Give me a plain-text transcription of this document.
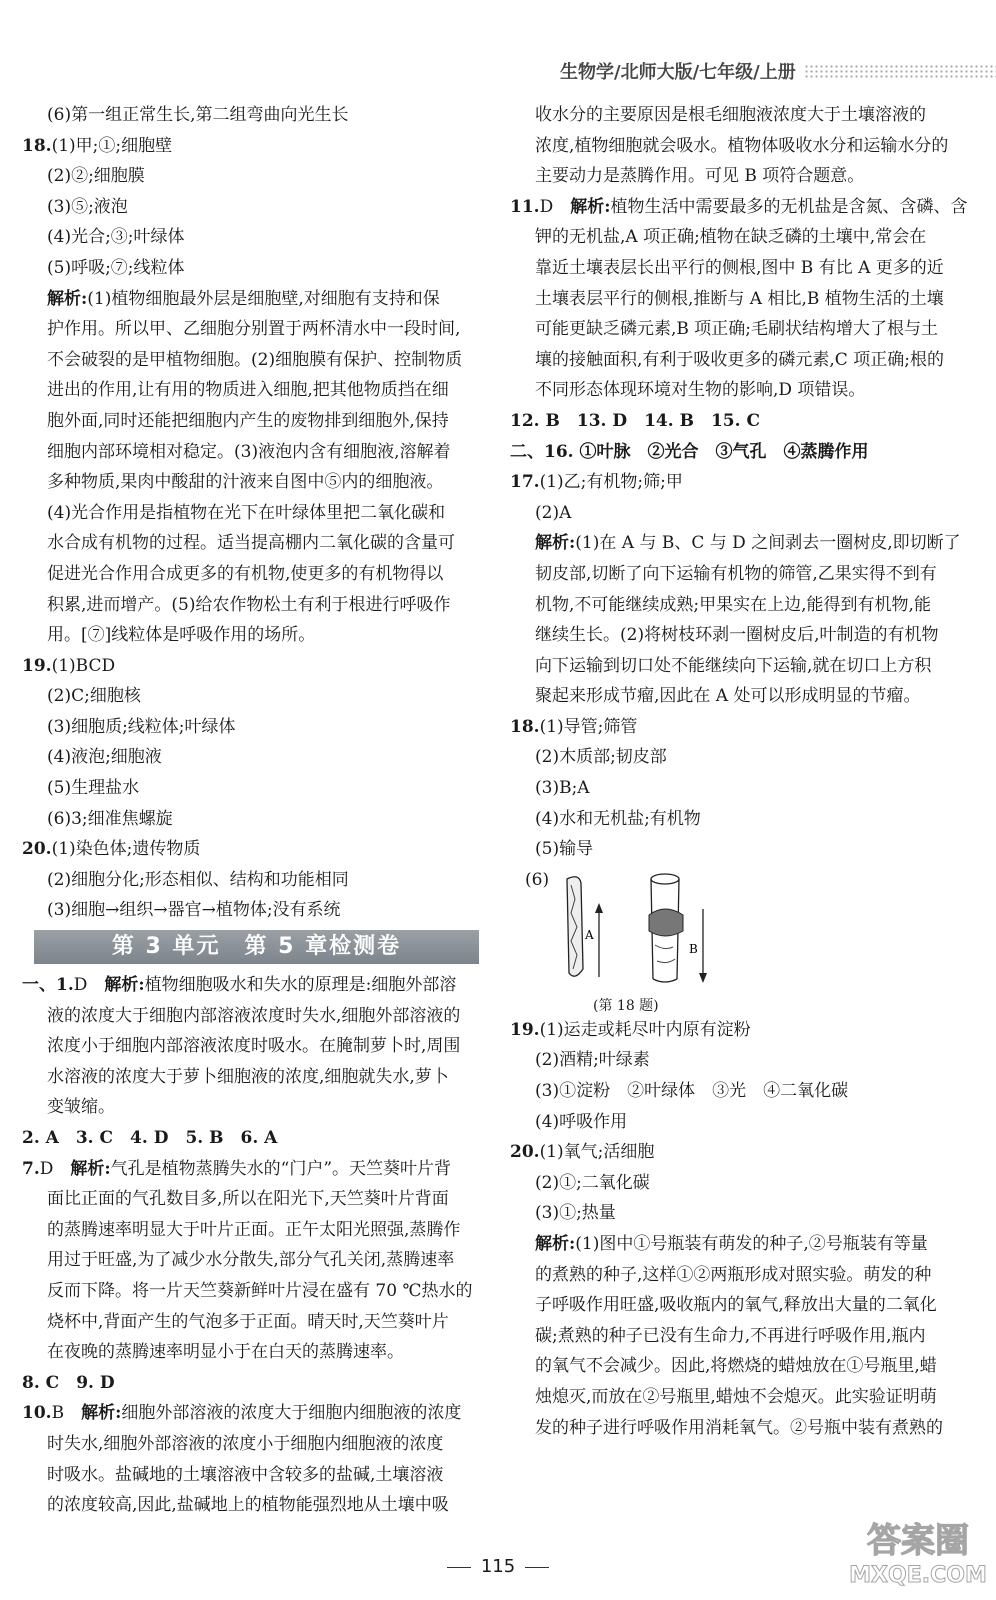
生物学/北师大版/七年级/上册
(6)第一组正常生长,第二组弯曲向光生长
18.(1)甲;①;细胞壁
(2)②;细胞膜
(3)⑤;液泡
(4)光合;③;叶绿体
(5)呼吸;⑦;线粒体
解析:(1)植物细胞最外层是细胞壁,对细胞有支持和保
护作用。所以甲、乙细胞分别置于两杯清水中一段时间,
不会破裂的是甲植物细胞。(2)细胞膜有保护、控制物质
进出的作用,让有用的物质进入细胞,把其他物质挡在细
胞外面,同时还能把细胞内产生的废物排到细胞外,保持
细胞内部环境相对稳定。(3)液泡内含有细胞液,溶解着
多种物质,果肉中酸甜的汁液来自图中⑤内的细胞液。
(4)光合作用是指植物在光下在叶绿体里把二氧化碳和
水合成有机物的过程。适当提高棚内二氧化碳的含量可
促进光合作用合成更多的有机物,使更多的有机物得以
积累,进而增产。(5)给农作物松土有利于根进行呼吸作
用。[⑦]线粒体是呼吸作用的场所。
19.(1)BCD
(2)C;细胞核
(3)细胞质;线粒体;叶绿体
(4)液泡;细胞液
(5)生理盐水
(6)3;细准焦螺旋
20.(1)染色体;遗传物质
(2)细胞分化;形态相似、结构和功能相同
(3)细胞→组织→器官→植物体;没有系统
第 3 单元　第 5 章检测卷
一、1.D　 解析:植物细胞吸水和失水的原理是:细胞外部溶
液的浓度大于细胞内部溶液浓度时失水,细胞外部溶液的
浓度小于细胞内部溶液浓度时吸水。在腌制萝卜时,周围
水溶液的浓度大于萝卜细胞液的浓度,细胞就失水,萝卜
变皱缩。
2. A　3. C　4. D　5. B　6. A
7.D　 解析:气孔是植物蒸腾失水的“门户”。天竺葵叶片背
面比正面的气孔数目多,所以在阳光下,天竺葵叶片背面
的蒸腾速率明显大于叶片正面。正午太阳光照强,蒸腾作
用过于旺盛,为了减少水分散失,部分气孔关闭,蒸腾速率
反而下降。将一片天竺葵新鲜叶片浸在盛有 70 ℃热水的
烧杯中,背面产生的气泡多于正面。晴天时,天竺葵叶片
在夜晚的蒸腾速率明显小于在白天的蒸腾速率。
8. C　9. D
10.B　 解析:细胞外部溶液的浓度大于细胞内细胞液的浓度
时失水,细胞外部溶液的浓度小于细胞内细胞液的浓度
时吸水。盐碱地的土壤溶液中含较多的盐碱,土壤溶液
的浓度较高,因此,盐碱地上的植物能强烈地从土壤中吸
收水分的主要原因是根毛细胞液浓度大于土壤溶液的
浓度,植物细胞就会吸水。植物体吸收水分和运输水分的
主要动力是蒸腾作用。可见 B 项符合题意。
11.D　 解析:植物生活中需要最多的无机盐是含氮、含磷、含
钾的无机盐,A 项正确;植物在缺乏磷的土壤中,常会在
靠近土壤表层长出平行的侧根,图中 B 有比 A 更多的近
土壤表层平行的侧根,推断与 A 相比,B 植物生活的土壤
可能更缺乏磷元素,B 项正确;毛刷状结构增大了根与土
壤的接触面积,有利于吸收更多的磷元素,C 项正确;根的
不同形态体现环境对生物的影响,D 项错误。
12. B　13. D　14. B　15. C
二、16. ①叶脉　②光合　③气孔　④蒸腾作用
17.(1)乙;有机物;筛;甲
(2)A
解析:(1)在 A 与 B、C 与 D 之间剥去一圈树皮,即切断了
韧皮部,切断了向下运输有机物的筛管,乙果实得不到有
机物,不可能继续成熟;甲果实在上边,能得到有机物,能
继续生长。(2)将树枝环剥一圈树皮后,叶制造的有机物
向下运输到切口处不能继续向下运输,就在切口上方积
聚起来形成节瘤,因此在 A 处可以形成明显的节瘤。
18.(1)导管;筛管
(2)木质部;韧皮部
(3)B;A
(4)水和无机盐;有机物
(5)输导
(6)
A
B
(第 18 题)
19.(1)运走或耗尽叶内原有淀粉
(2)酒精;叶绿素
(3)①淀粉　②叶绿体　③光　④二氧化碳
(4)呼吸作用
20.(1)氧气;活细胞
(2)①;二氧化碳
(3)①;热量
解析:(1)图中①号瓶装有萌发的种子,②号瓶装有等量
的煮熟的种子,这样①②两瓶形成对照实验。萌发的种
子呼吸作用旺盛,吸收瓶内的氧气,释放出大量的二氧化
碳;煮熟的种子已没有生命力,不再进行呼吸作用,瓶内
的氧气不会减少。因此,将燃烧的蜡烛放在①号瓶里,蜡
烛熄灭,而放在②号瓶里,蜡烛不会熄灭。此实验证明萌
发的种子进行呼吸作用消耗氧气。②号瓶中装有煮熟的
115
答案圈
MXQE.COM
